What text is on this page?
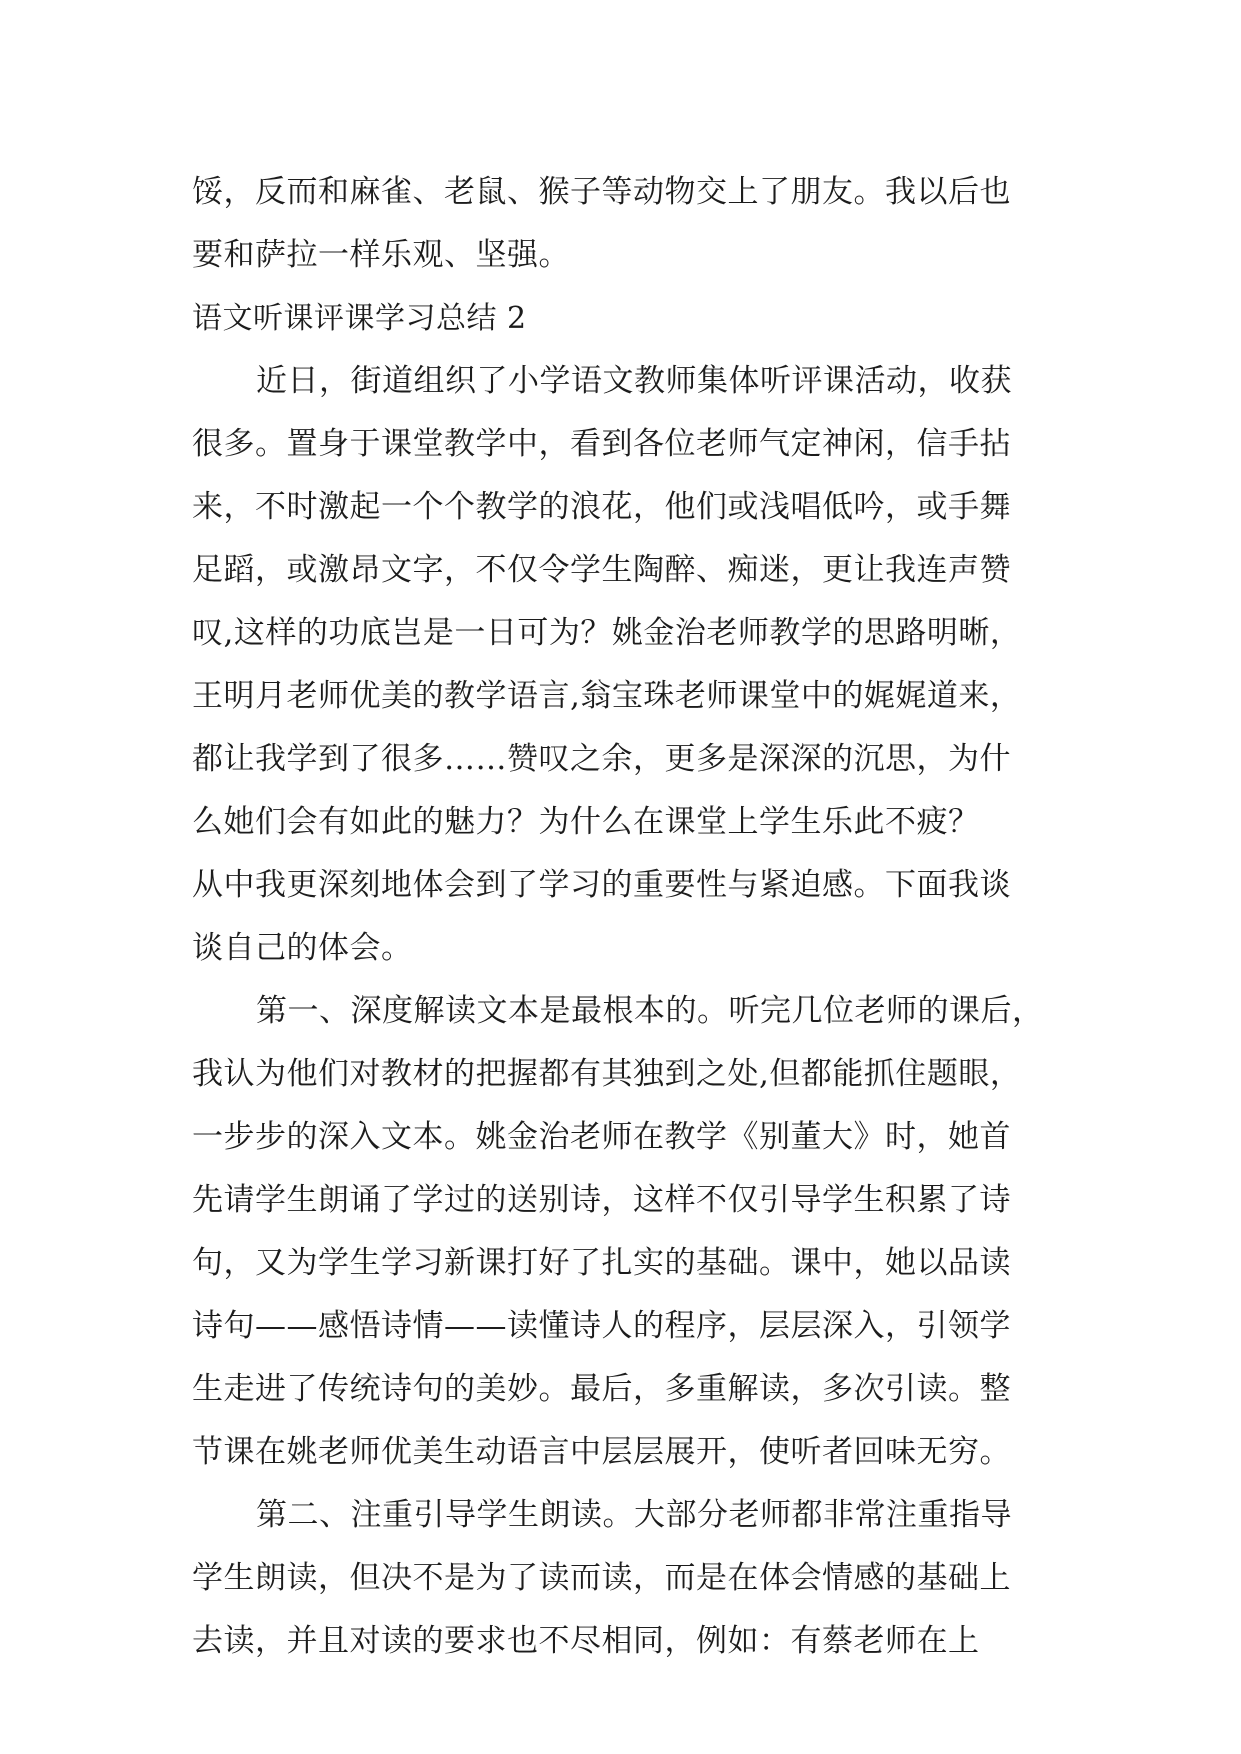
馁，反而和麻雀、老鼠、猴子等动物交上了朋友。我以后也
要和萨拉一样乐观、坚强。
语文听课评课学习总结 2
近日，街道组织了小学语文教师集体听评课活动，收获
很多。置身于课堂教学中，看到各位老师气定神闲，信手拈
来，不时激起一个个教学的浪花，他们或浅唱低吟，或手舞
足蹈，或激昂文字，不仅令学生陶醉、痴迷，更让我连声赞
叹,这样的功底岂是一日可为？姚金治老师教学的思路明晰，
王明月老师优美的教学语言,翁宝珠老师课堂中的娓娓道来，
都让我学到了很多……赞叹之余，更多是深深的沉思，为什
么她们会有如此的魅力？为什么在课堂上学生乐此不疲？
从中我更深刻地体会到了学习的重要性与紧迫感。下面我谈
谈自己的体会。
第一、深度解读文本是最根本的。听完几位老师的课后，
我认为他们对教材的把握都有其独到之处,但都能抓住题眼，
一步步的深入文本。姚金治老师在教学《别董大》时，她首
先请学生朗诵了学过的送别诗，这样不仅引导学生积累了诗
句，又为学生学习新课打好了扎实的基础。课中，她以品读
诗句——感悟诗情——读懂诗人的程序，层层深入，引领学
生走进了传统诗句的美妙。最后，多重解读，多次引读。整
节课在姚老师优美生动语言中层层展开，使听者回味无穷。
第二、注重引导学生朗读。大部分老师都非常注重指导
学生朗读，但决不是为了读而读，而是在体会情感的基础上
去读，并且对读的要求也不尽相同，例如：有蔡老师在上
